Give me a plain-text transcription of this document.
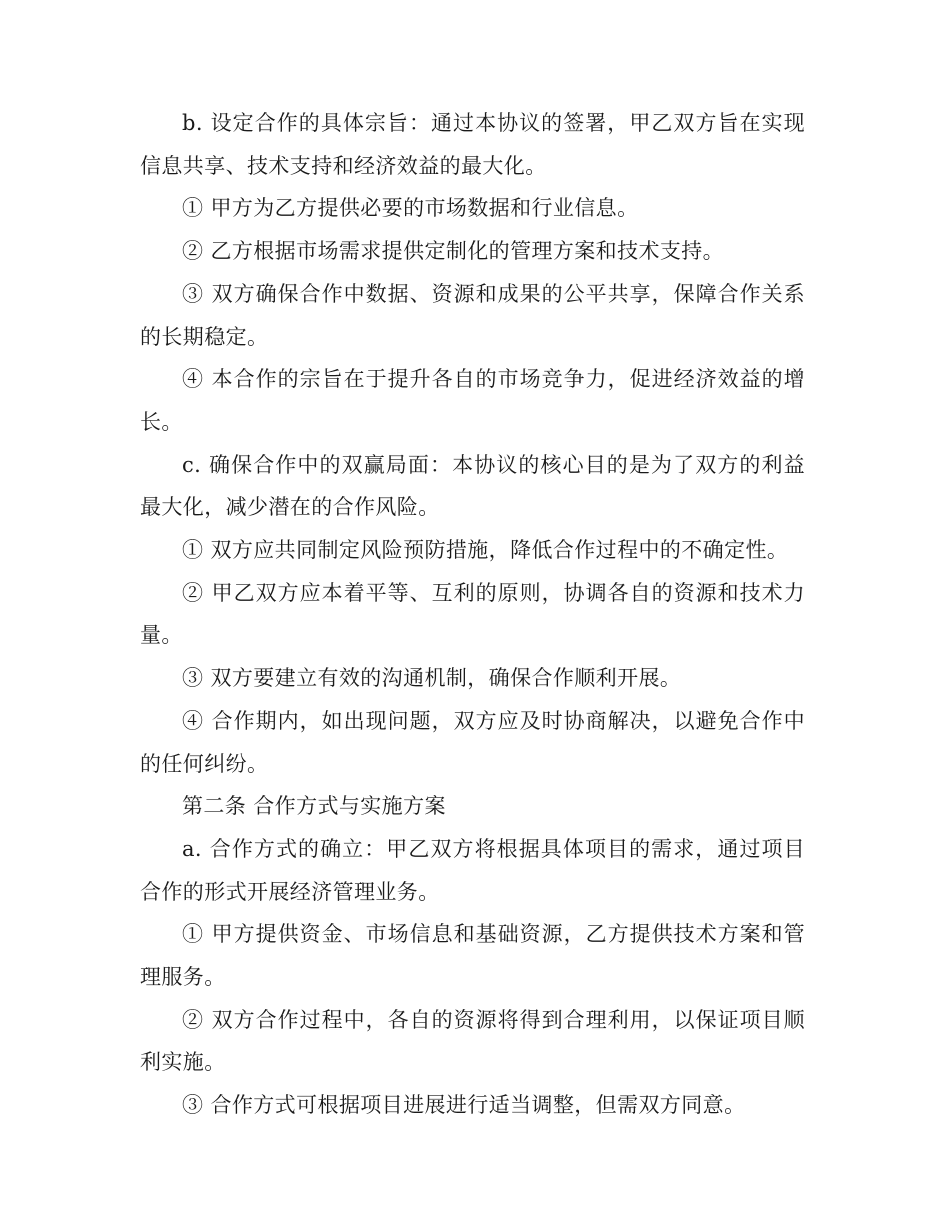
b. 设定合作的具体宗旨：通过本协议的签署，甲乙双方旨在实现信息共享、技术支持和经济效益的最大化。

① 甲方为乙方提供必要的市场数据和行业信息。

② 乙方根据市场需求提供定制化的管理方案和技术支持。

③ 双方确保合作中数据、资源和成果的公平共享，保障合作关系的长期稳定。

④ 本合作的宗旨在于提升各自的市场竞争力，促进经济效益的增长。

c. 确保合作中的双赢局面：本协议的核心目的是为了双方的利益最大化，减少潜在的合作风险。

① 双方应共同制定风险预防措施，降低合作过程中的不确定性。

② 甲乙双方应本着平等、互利的原则，协调各自的资源和技术力量。

③ 双方要建立有效的沟通机制，确保合作顺利开展。

④ 合作期内，如出现问题，双方应及时协商解决，以避免合作中的任何纠纷。

第二条 合作方式与实施方案

a. 合作方式的确立：甲乙双方将根据具体项目的需求，通过项目合作的形式开展经济管理业务。

① 甲方提供资金、市场信息和基础资源，乙方提供技术方案和管理服务。

② 双方合作过程中，各自的资源将得到合理利用，以保证项目顺利实施。

③ 合作方式可根据项目进展进行适当调整，但需双方同意。
